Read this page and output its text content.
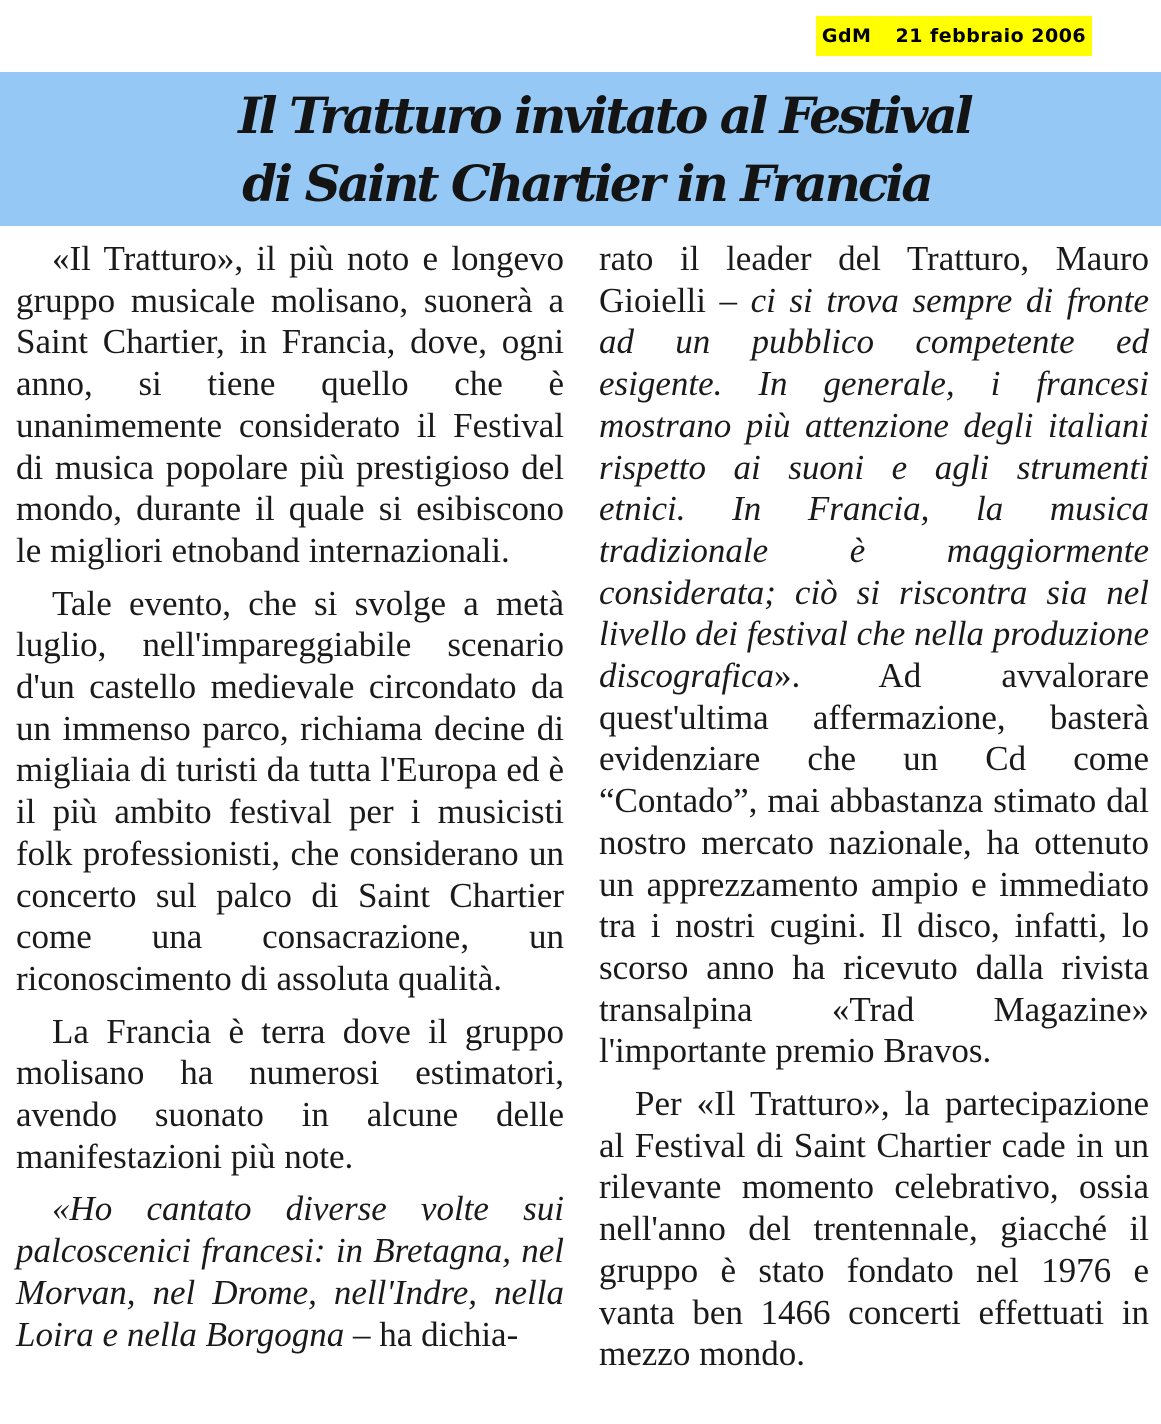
GdM 21 febbraio 2006
Il Tratturo invitato al Festival
di Saint Chartier in Francia

«Il Tratturo», il più noto e longevo gruppo musicale molisano, suonerà a Saint Chartier, in Francia, dove, ogni anno, si tiene quello che è unanimemente considerato il Festival di musica popolare più prestigioso del mondo, durante il quale si esibiscono le migliori etnoband internazionali.

Tale evento, che si svolge a metà luglio, nell'impareggiabile scenario d'un castello medievale circondato da un immenso parco, richiama decine di migliaia di turisti da tutta l'Europa ed è il più ambito festival per i musicisti folk professionisti, che considerano un concerto sul palco di Saint Chartier come una consacrazione, un riconoscimento di assoluta qualità.

La Francia è terra dove il gruppo molisano ha numerosi estimatori, avendo suonato in alcune delle manifestazioni più note.

«Ho cantato diverse volte sui palcoscenici francesi: in Bretagna, nel Morvan, nel Drome, nell'Indre, nella Loira e nella Borgogna – ha dichia-

rato il leader del Tratturo, Mauro Gioielli – ci si trova sempre di fronte ad un pubblico competente ed esigente. In generale, i francesi mostrano più attenzione degli italiani rispetto ai suoni e agli strumenti etnici. In Francia, la musica tradizionale è maggiormente considerata; ciò si riscontra sia nel livello dei festival che nella produzione discografica». Ad avvalorare quest'ultima affermazione, basterà evidenziare che un Cd come “Contado”, mai abbastanza stimato dal nostro mercato nazionale, ha ottenuto un apprezzamento ampio e immediato tra i nostri cugini. Il disco, infatti, lo scorso anno ha ricevuto dalla rivista transalpina «Trad Magazine» l'importante premio Bravos.

Per «Il Tratturo», la partecipazione al Festival di Saint Chartier cade in un rilevante momento celebrativo, ossia nell'anno del trentennale, giacché il gruppo è stato fondato nel 1976 e vanta ben 1466 concerti effettuati in mezzo mondo.
